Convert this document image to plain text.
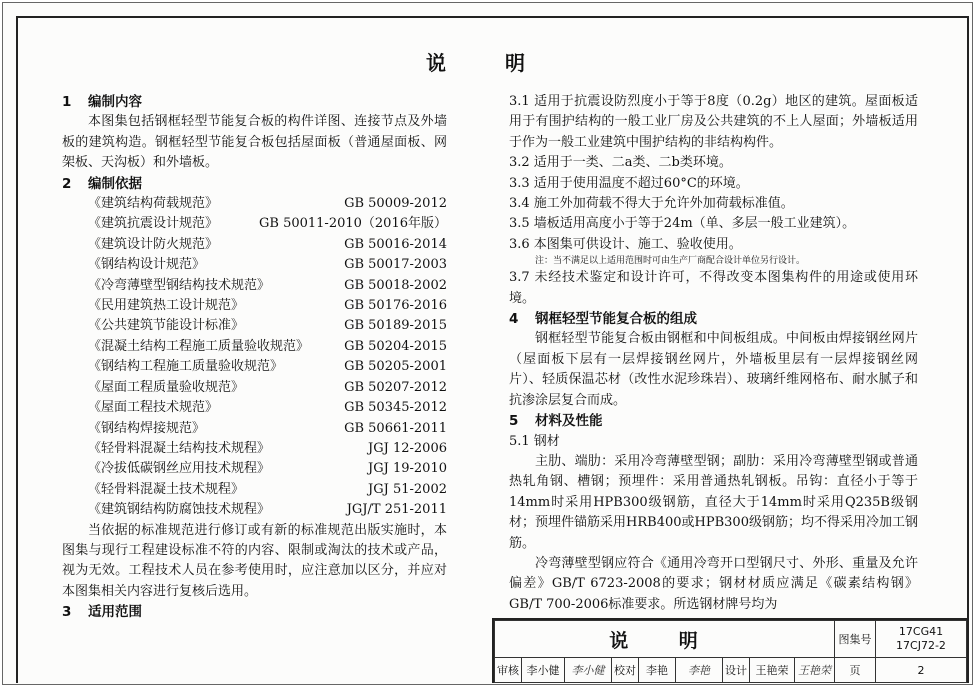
说 明
1 编制内容
本图集包括钢框轻型节能复合板的构件详图、连接节点及外墙板的建筑构造。钢框轻型节能复合板包括屋面板（普通屋面板、网架板、天沟板）和外墙板。
2 编制依据
《建筑结构荷载规范》	GB 50009-2012
《建筑抗震设计规范》	GB 50011-2010（2016年版）
《建筑设计防火规范》	GB 50016-2014
《钢结构设计规范》	GB 50017-2003
《冷弯薄壁型钢结构技术规范》	GB 50018-2002
《民用建筑热工设计规范》	GB 50176-2016
《公共建筑节能设计标准》	GB 50189-2015
《混凝土结构工程施工质量验收规范》	GB 50204-2015
《钢结构工程施工质量验收规范》	GB 50205-2001
《屋面工程质量验收规范》	GB 50207-2012
《屋面工程技术规范》	GB 50345-2012
《钢结构焊接规范》	GB 50661-2011
《轻骨料混凝土结构技术规程》	JGJ 12-2006
《冷拔低碳钢丝应用技术规程》	JGJ 19-2010
《轻骨料混凝土技术规程》	JGJ 51-2002
《建筑钢结构防腐蚀技术规程》	JGJ/T 251-2011
当依据的标准规范进行修订或有新的标准规范出版实施时，本图集与现行工程建设标准不符的内容、限制或淘汰的技术或产品，视为无效。工程技术人员在参考使用时，应注意加以区分，并应对本图集相关内容进行复核后选用。
3 适用范围
3.1 适用于抗震设防烈度小于等于8度（0.2g）地区的建筑。屋面板适用于有围护结构的一般工业厂房及公共建筑的不上人屋面；外墙板适用于作为一般工业建筑中围护结构的非结构构件。
3.2 适用于一类、二a类、二b类环境。
3.3 适用于使用温度不超过60°C的环境。
3.4 施工外加荷载不得大于允许外加荷载标准值。
3.5 墙板适用高度小于等于24m（单、多层一般工业建筑）。
3.6 本图集可供设计、施工、验收使用。
注：当不满足以上适用范围时可由生产厂商配合设计单位另行设计。
3.7 未经技术鉴定和设计许可，不得改变本图集构件的用途或使用环境。
4 钢框轻型节能复合板的组成
钢框轻型节能复合板由钢框和中间板组成。中间板由焊接钢丝网片（屋面板下层有一层焊接钢丝网片，外墙板里层有一层焊接钢丝网片）、轻质保温芯材（改性水泥珍珠岩）、玻璃纤维网格布、耐水腻子和抗渗涂层复合而成。
5 材料及性能
5.1 钢材
主肋、端肋：采用冷弯薄壁型钢；副肋：采用冷弯薄壁型钢或普通热轧角钢、槽钢；预埋件：采用普通热轧钢板。吊钩：直径小于等于14mm时采用HPB300级钢筋，直径大于14mm时采用Q235B级钢材；预埋件锚筋采用HRB400或HPB300级钢筋；均不得采用冷加工钢筋。
冷弯薄壁型钢应符合《通用冷弯开口型钢尺寸、外形、重量及允许偏差》GB/T 6723-2008的要求；钢材材质应满足《碳素结构钢》GB/T 700-2006标准要求。所选钢材牌号均为
说 明									图集号	17CG41
17CJ72-2

审核	李小健	李小健	校对	李艳	李艳	设计	王艳荣	王艳荣	页	2
